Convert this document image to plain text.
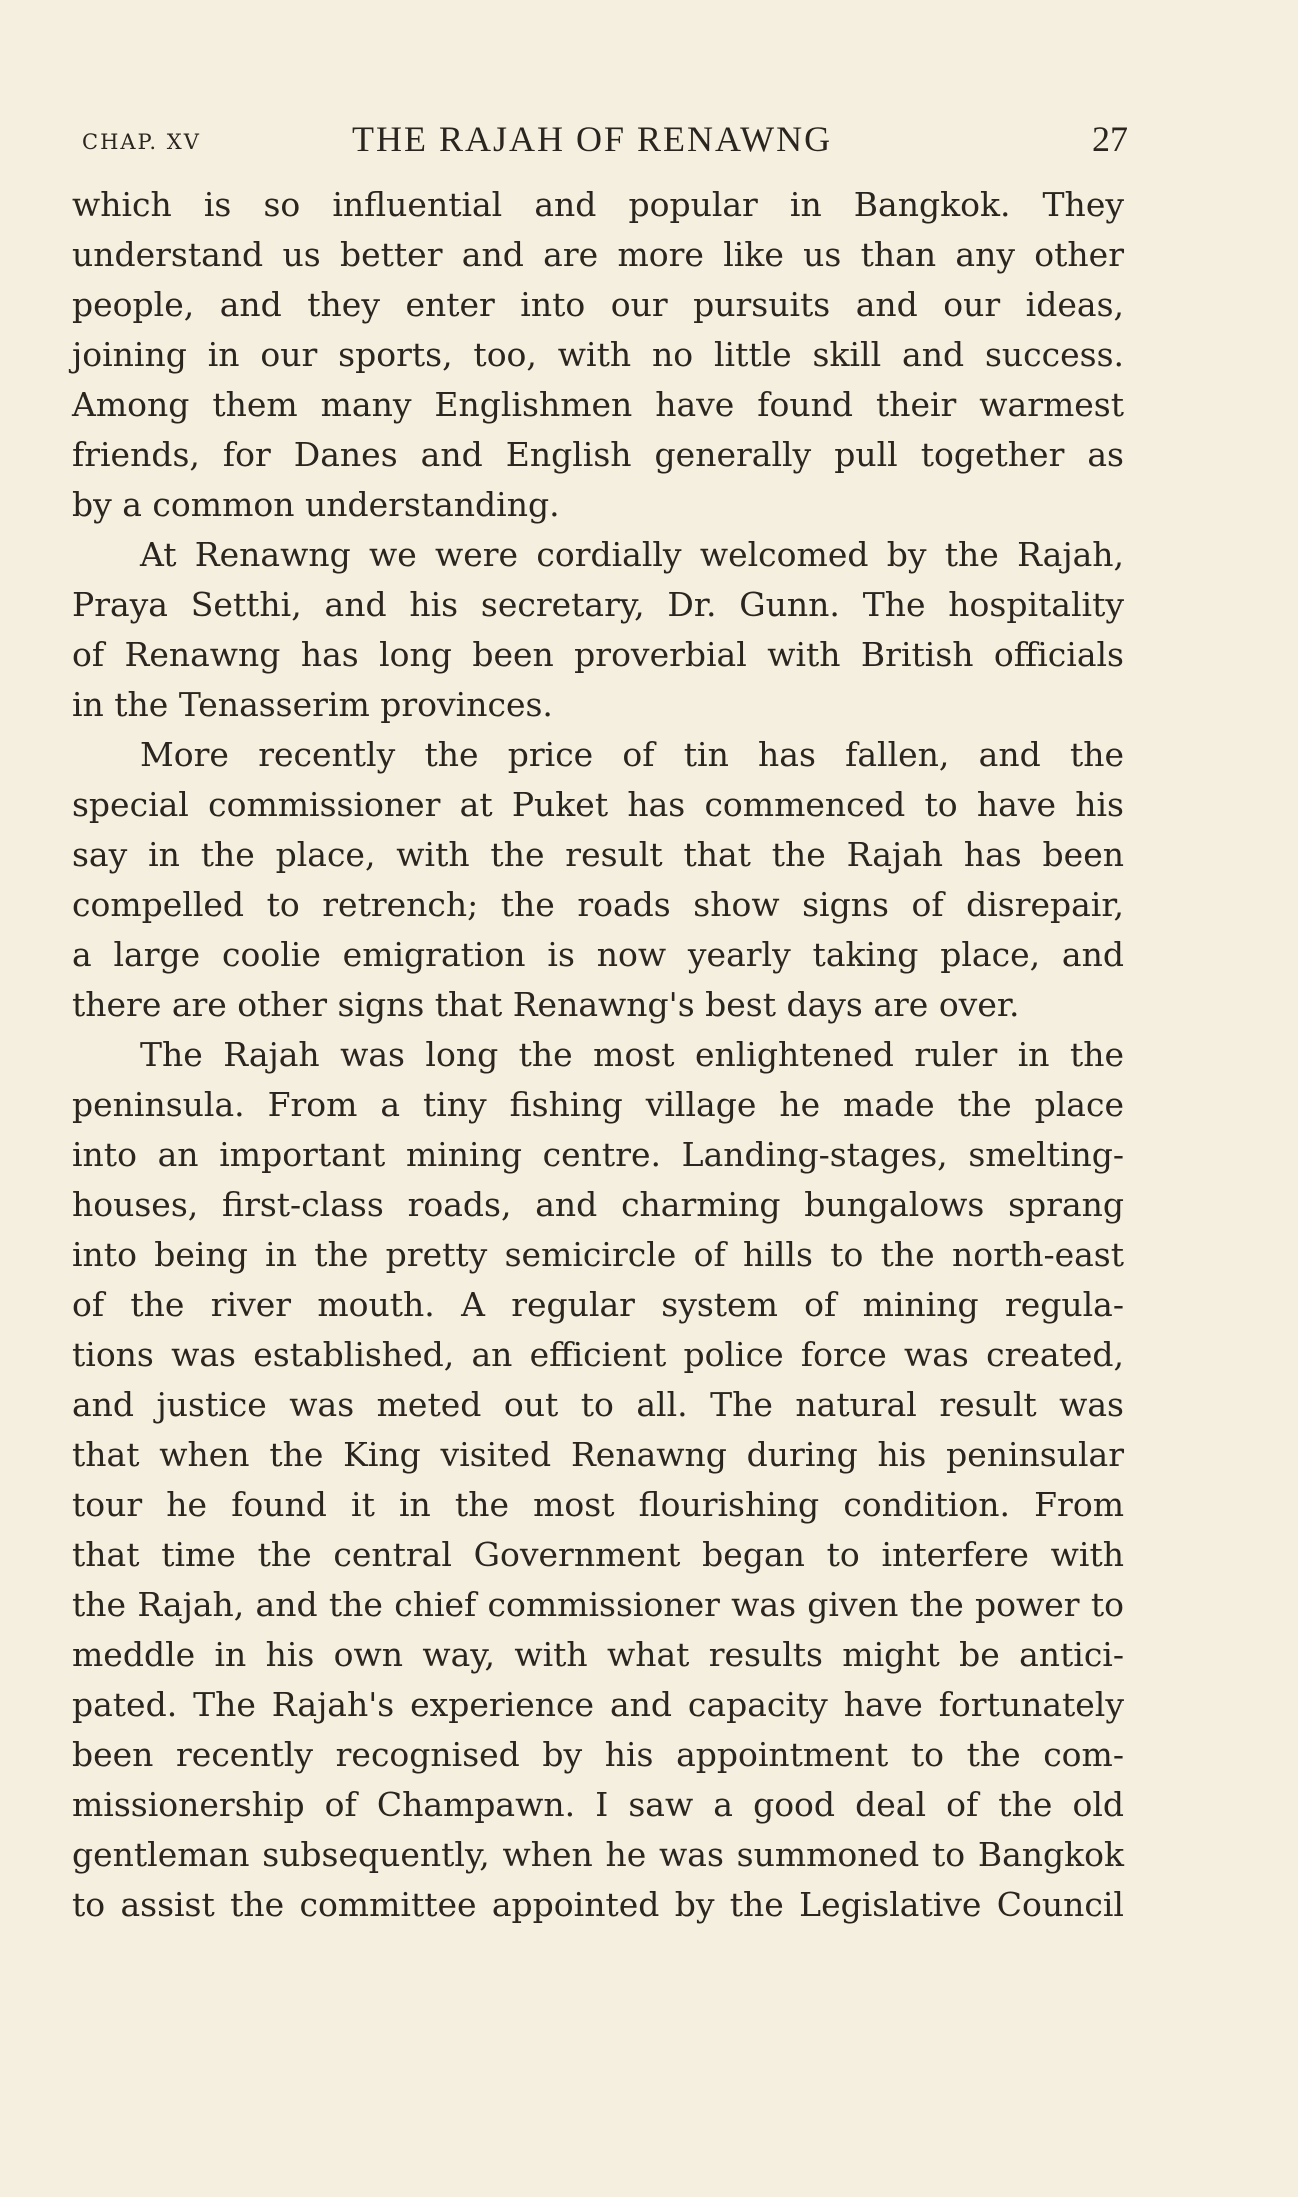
CHAP. XV	THE RAJAH OF RENAWNG	27
which is so influential and popular in Bangkok. They
understand us better and are more like us than any other
people, and they enter into our pursuits and our ideas,
joining in our sports, too, with no little skill and success.
Among them many Englishmen have found their warmest
friends, for Danes and English generally pull together as
by a common understanding.
At Renawng we were cordially welcomed by the Rajah,
Praya Setthi, and his secretary, Dr. Gunn. The hospitality
of Renawng has long been proverbial with British officials
in the Tenasserim provinces.
More recently the price of tin has fallen, and the
special commissioner at Puket has commenced to have his
say in the place, with the result that the Rajah has been
compelled to retrench; the roads show signs of disrepair,
a large coolie emigration is now yearly taking place, and
there are other signs that Renawng's best days are over.
The Rajah was long the most enlightened ruler in the
peninsula. From a tiny fishing village he made the place
into an important mining centre. Landing-stages, smelting-
houses, first-class roads, and charming bungalows sprang
into being in the pretty semicircle of hills to the north-east
of the river mouth. A regular system of mining regula-
tions was established, an efficient police force was created,
and justice was meted out to all. The natural result was
that when the King visited Renawng during his peninsular
tour he found it in the most flourishing condition. From
that time the central Government began to interfere with
the Rajah, and the chief commissioner was given the power to
meddle in his own way, with what results might be antici-
pated. The Rajah's experience and capacity have fortunately
been recently recognised by his appointment to the com-
missionership of Champawn. I saw a good deal of the old
gentleman subsequently, when he was summoned to Bangkok
to assist the committee appointed by the Legislative Council
